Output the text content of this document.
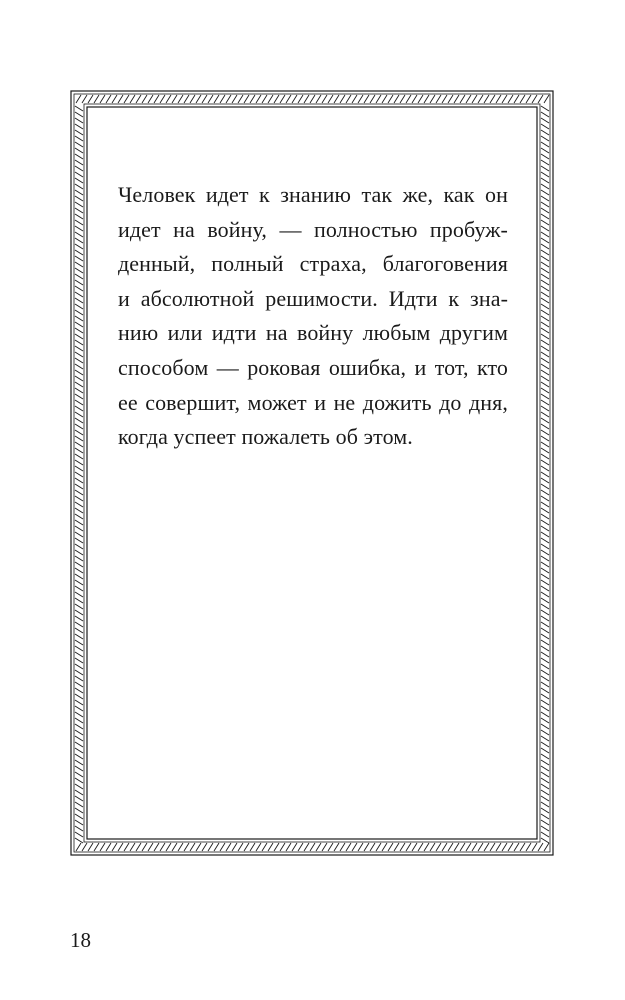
Человек идет к знанию так же, как он
идет на войну, — полностью пробуж-
денный, полный страха, благоговения
и абсолютной решимости. Идти к зна-
нию или идти на войну любым другим
способом — роковая ошибка, и тот, кто
ее совершит, может и не дожить до дня,
когда успеет пожалеть об этом.
18
